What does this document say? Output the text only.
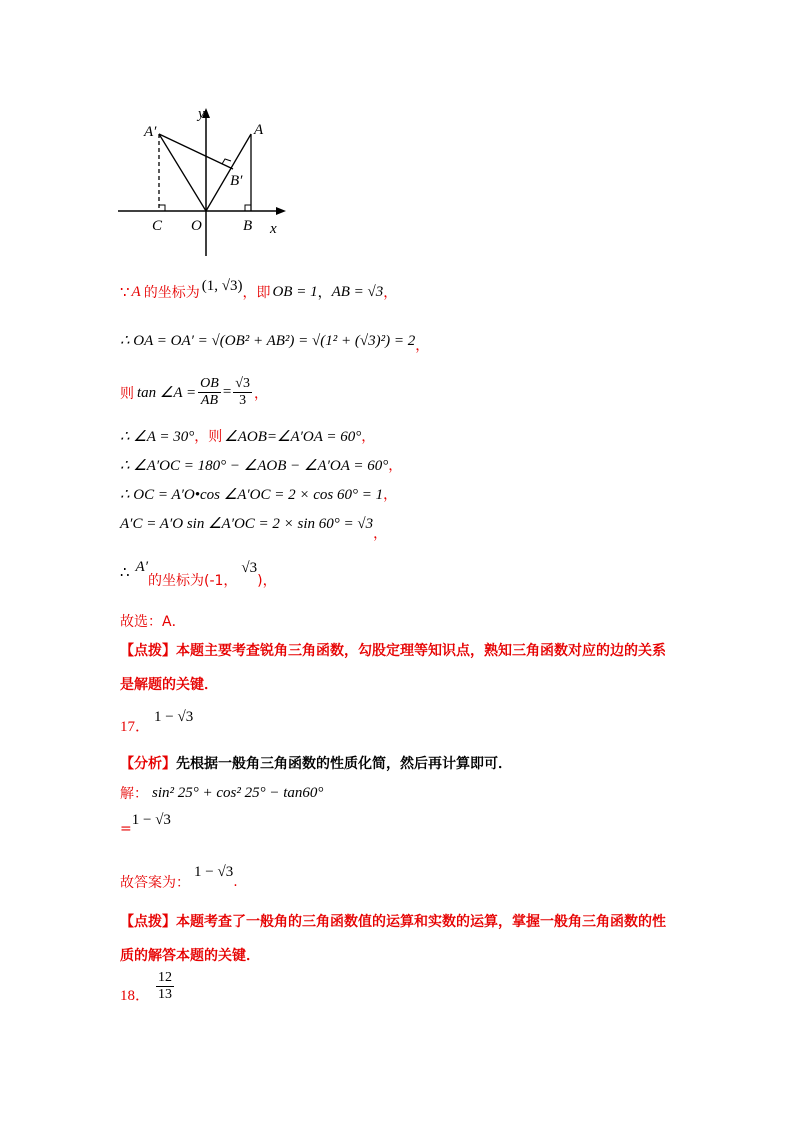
y
A′	A
B′
C O	B x
∵ A 的坐标为 (1, √3) ，即 OB = 1 ， AB = √3 ，
∴ OA = OA′ = √(OB² + AB²) = √(1² + (√3)²) = 2 ，
则 tan ∠A = $\frac{OB}{AB} = \frac{√3}{3}$ ，
∴ ∠A = 30° ，则 ∠AOB=∠A′OA = 60° ，
∴ ∠A′OC = 180° − ∠AOB − ∠A′OA = 60° ，
∴ OC = A′O•cos ∠A′OC = 2 × cos 60° = 1 ，
A′C = A′O sin ∠A′OC = 2 × sin 60° = √3
，
∴ A′
的坐标为(-1，
√3
)，
故选：A．
【点拨】本题主要考查锐角三角函数，勾股定理等知识点，熟知三角函数对应的边的关系
是解题的关键．
17．
1 − √3
【分析】先根据一般角三角函数的性质化简，然后再计算即可．
解： sin² 25° + cos² 25° − tan60°
=
1 − √3
故答案为：
1 − √3
.
【点拨】本题考查了一般角的三角函数值的运算和实数的运算，掌握一般角三角函数的性
质的解答本题的关键．
18． $\frac{12}{13}$
